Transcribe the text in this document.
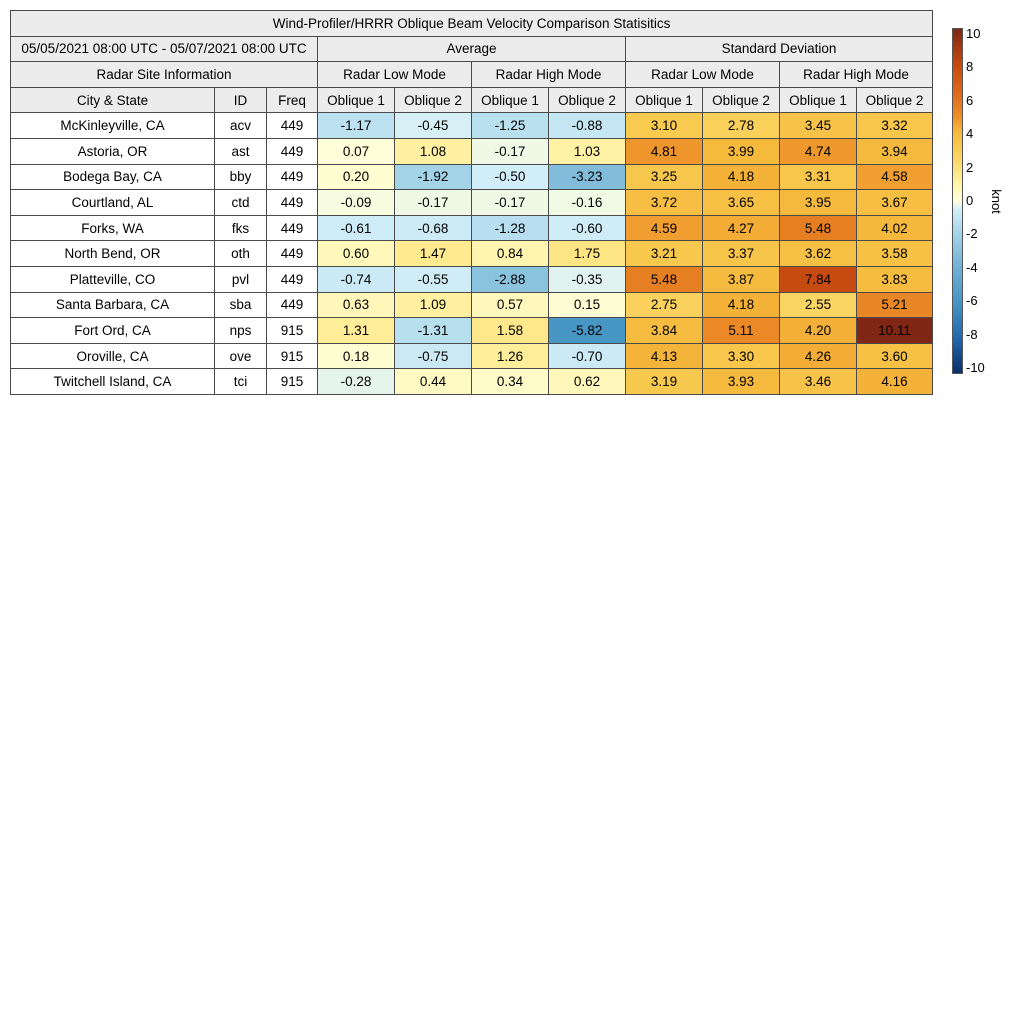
Wind-Profiler/HRRR Oblique Beam Velocity Comparison Statisitics										
05/05/2021 08:00 UTC - 05/07/2021 08:00 UTC			Average				Standard Deviation			
Radar Site Information			Radar Low Mode		Radar High Mode		Radar Low Mode		Radar High Mode	
City & State	ID	Freq	Oblique 1	Oblique 2	Oblique 1	Oblique 2	Oblique 1	Oblique 2	Oblique 1	Oblique 2
McKinleyville, CA	acv	449	-1.17	-0.45	-1.25	-0.88	3.10	2.78	3.45	3.32
Astoria, OR	ast	449	0.07	1.08	-0.17	1.03	4.81	3.99	4.74	3.94
Bodega Bay, CA	bby	449	0.20	-1.92	-0.50	-3.23	3.25	4.18	3.31	4.58
Courtland, AL	ctd	449	-0.09	-0.17	-0.17	-0.16	3.72	3.65	3.95	3.67
Forks, WA	fks	449	-0.61	-0.68	-1.28	-0.60	4.59	4.27	5.48	4.02
North Bend, OR	oth	449	0.60	1.47	0.84	1.75	3.21	3.37	3.62	3.58
Platteville, CO	pvl	449	-0.74	-0.55	-2.88	-0.35	5.48	3.87	7.84	3.83
Santa Barbara, CA	sba	449	0.63	1.09	0.57	0.15	2.75	4.18	2.55	5.21
Fort Ord, CA	nps	915	1.31	-1.31	1.58	-5.82	3.84	5.11	4.20	10.11
Oroville, CA	ove	915	0.18	-0.75	1.26	-0.70	4.13	3.30	4.26	3.60
Twitchell Island, CA	tci	915	-0.28	0.44	0.34	0.62	3.19	3.93	3.46	4.16
10
8
6
4
2
0
-2
-4
-6
-8
-10
knot
